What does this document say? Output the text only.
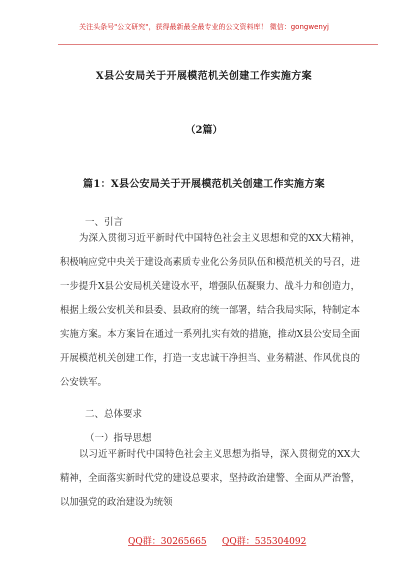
关注头条号"公文研究"，获得最新最全最专业的公文资料库！ 微信：gongwenyj
X县公安局关于开展模范机关创建工作实施方案
（2篇）
篇1：X县公安局关于开展模范机关创建工作实施方案
一、引言

为深入贯彻习近平新时代中国特色社会主义思想和党的XX大精神，积极响应党中央关于建设高素质专业化公务员队伍和模范机关的号召，进一步提升X县公安局机关建设水平，增强队伍凝聚力、战斗力和创造力，根据上级公安机关和县委、县政府的统一部署，结合我局实际，特制定本实施方案。本方案旨在通过一系列扎实有效的措施，推动X县公安局全面开展模范机关创建工作，打造一支忠诚干净担当、业务精湛、作风优良的公安铁军。

二、总体要求
（一）指导思想

以习近平新时代中国特色社会主义思想为指导，深入贯彻党的XX大精神，全面落实新时代党的建设总要求，坚持政治建警、全面从严治警，以加强党的政治建设为统领

QQ群：30265665 QQ群：535304092
